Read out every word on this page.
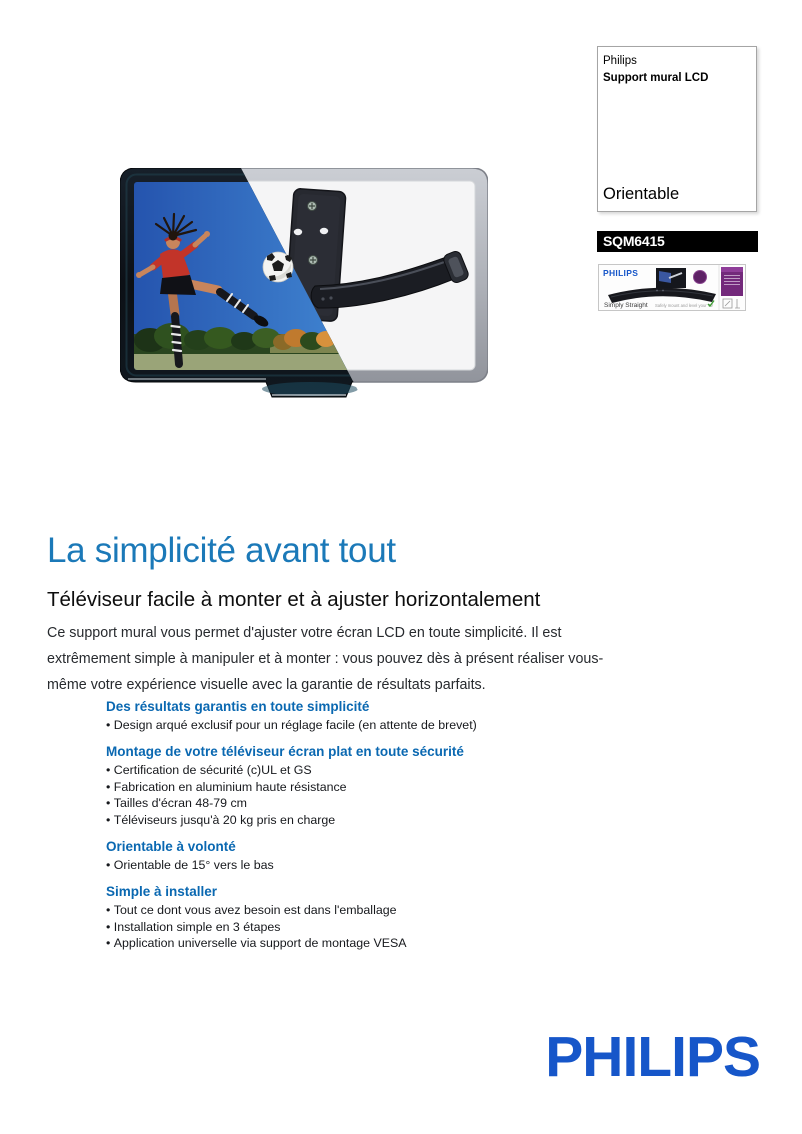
Philips
Support mural LCD
Orientable
SQM6415
PHILIPS
Simply Straight Safely mount and level your TV
La simplicité avant tout
Téléviseur facile à monter et à ajuster horizontalement

Ce support mural vous permet d'ajuster votre écran LCD en toute simplicité. Il est
extrêmement simple à manipuler et à monter : vous pouvez dès à présent réaliser vous-
même votre expérience visuelle avec la garantie de résultats parfaits.

Des résultats garantis en toute simplicité
• Design arqué exclusif pour un réglage facile (en attente de brevet)
Montage de votre téléviseur écran plat en toute sécurité
• Certification de sécurité (c)UL et GS
• Fabrication en aluminium haute résistance
• Tailles d'écran 48-79 cm
• Téléviseurs jusqu'à 20 kg pris en charge
Orientable à volonté
• Orientable de 15° vers le bas
Simple à installer
• Tout ce dont vous avez besoin est dans l'emballage
• Installation simple en 3 étapes
• Application universelle via support de montage VESA
PHILIPS
